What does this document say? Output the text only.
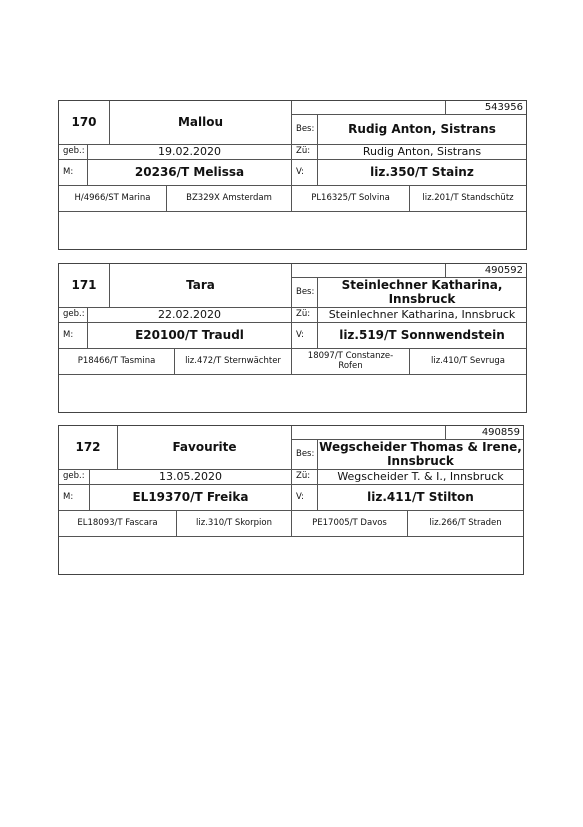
543956
170	Mallou
Bes:	Rudig Anton, Sistrans
geb.:	19.02.2020	Zü:	Rudig Anton, Sistrans
M:	20236/T Melissa	V:	liz.350/T Stainz
H/4966/ST Marina	BZ329X Amsterdam	PL16325/T Solvina	liz.201/T Standschütz
490592
171	Tara
Bes:	Steinlechner Katharina, Innsbruck
geb.:	22.02.2020	Zü:	Steinlechner Katharina, Innsbruck
M:	E20100/T Traudl	V:	liz.519/T Sonnwendstein
P18466/T Tasmina	liz.472/T Sternwächter	18097/T Constanze-Rofen	liz.410/T Sevruga
490859
172	Favourite
Bes: Wegscheider Thomas & Irene, Innsbruck
geb.:	13.05.2020	Zü:	Wegscheider T. & I., Innsbruck
M:	EL19370/T Freika	V:	liz.411/T Stilton
EL18093/T Fascara	liz.310/T Skorpion	PE17005/T Davos	liz.266/T Straden
